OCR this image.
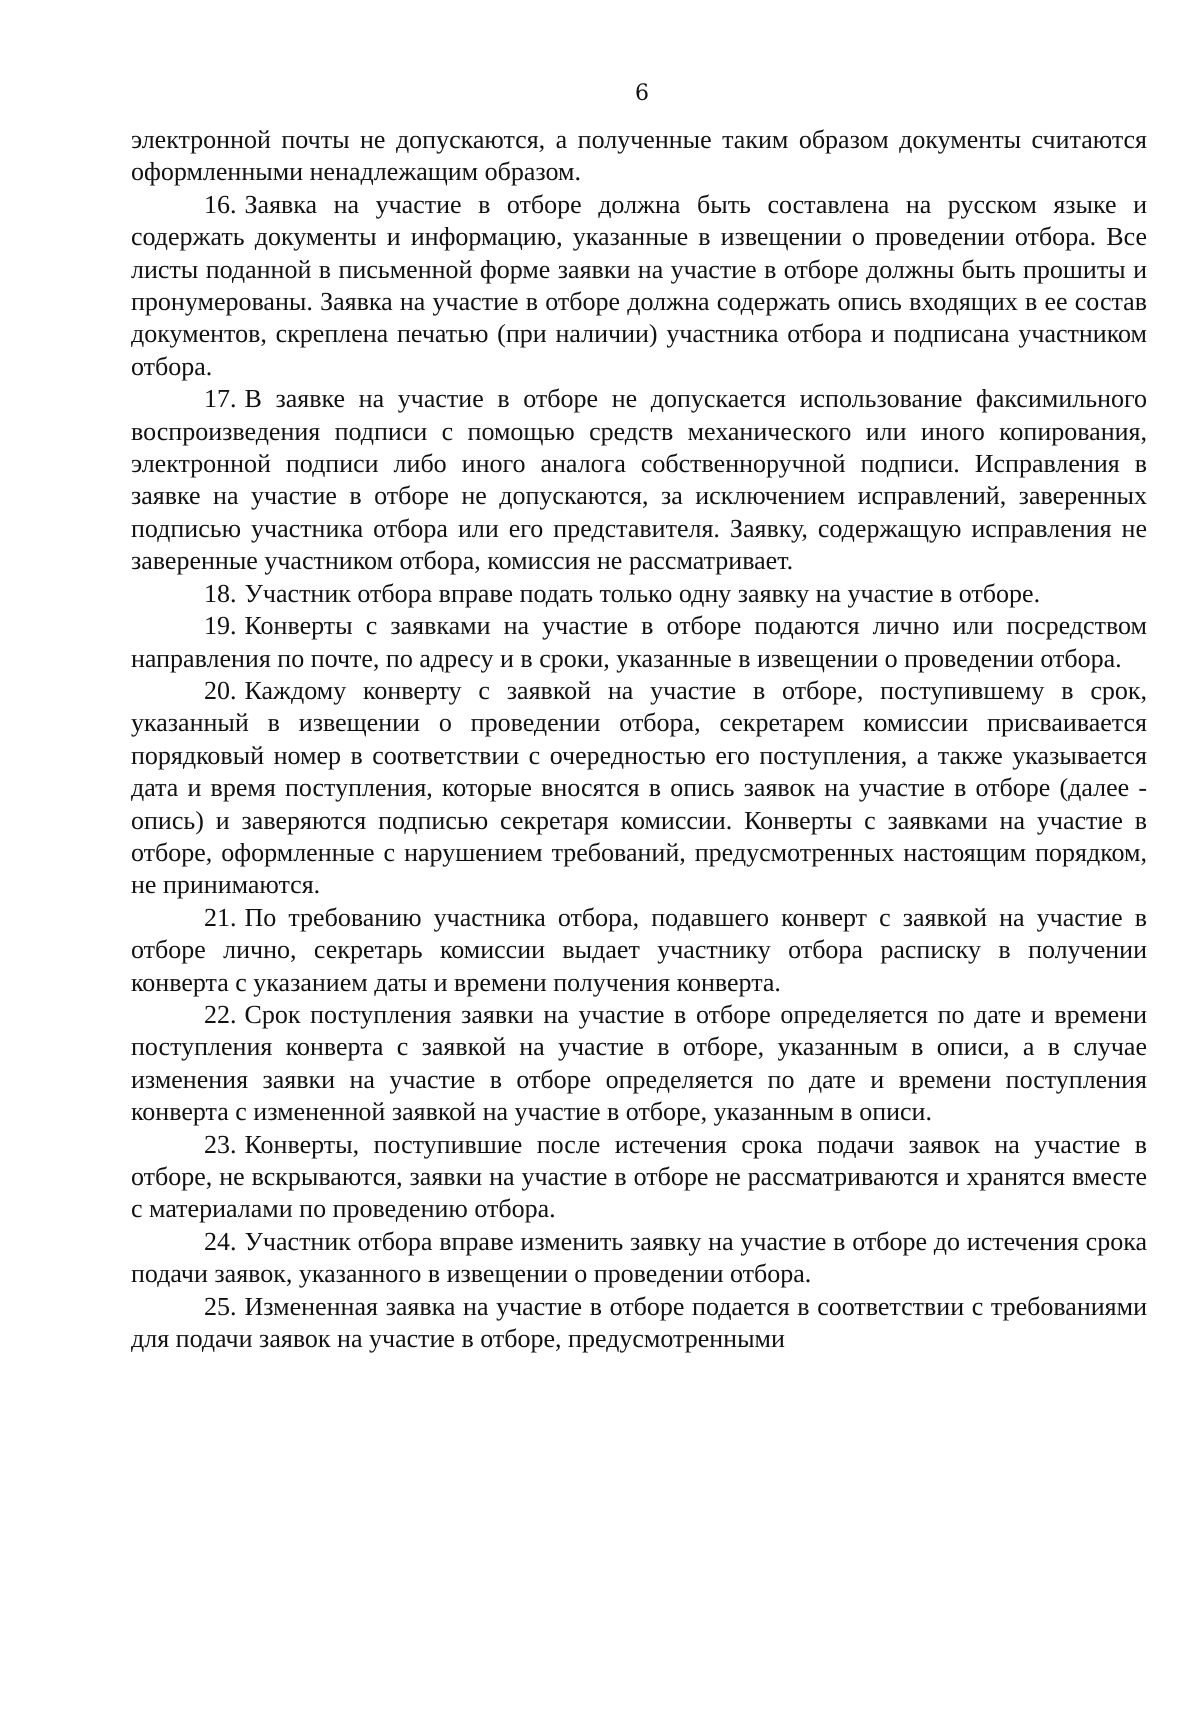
6

электронной почты не допускаются, а полученные таким образом документы считаются оформленными ненадлежащим образом.

16. Заявка на участие в отборе должна быть составлена на русском языке и содержать документы и информацию, указанные в извещении о проведении отбора. Все листы поданной в письменной форме заявки на участие в отборе должны быть прошиты и пронумерованы. Заявка на участие в отборе должна содержать опись входящих в ее состав документов, скреплена печатью (при наличии) участника отбора и подписана участником отбора.

17. В заявке на участие в отборе не допускается использование факсимильного воспроизведения подписи с помощью средств механического или иного копирования, электронной подписи либо иного аналога собственноручной подписи. Исправления в заявке на участие в отборе не допускаются, за исключением исправлений, заверенных подписью участника отбора или его представителя. Заявку, содержащую исправления не заверенные участником отбора, комиссия не рассматривает.

18. Участник отбора вправе подать только одну заявку на участие в отборе.

19. Конверты с заявками на участие в отборе подаются лично или посредством направления по почте, по адресу и в сроки, указанные в извещении о проведении отбора.

20. Каждому конверту с заявкой на участие в отборе, поступившему в срок, указанный в извещении о проведении отбора, секретарем комиссии присваивается порядковый номер в соответствии с очередностью его поступления, а также указывается дата и время поступления, которые вносятся в опись заявок на участие в отборе (далее - опись) и заверяются подписью секретаря комиссии. Конверты с заявками на участие в отборе, оформленные с нарушением требований, предусмотренных настоящим порядком, не принимаются.

21. По требованию участника отбора, подавшего конверт с заявкой на участие в отборе лично, секретарь комиссии выдает участнику отбора расписку в получении конверта с указанием даты и времени получения конверта.

22. Срок поступления заявки на участие в отборе определяется по дате и времени поступления конверта с заявкой на участие в отборе, указанным в описи, а в случае изменения заявки на участие в отборе определяется по дате и времени поступления конверта с измененной заявкой на участие в отборе, указанным в описи.

23. Конверты, поступившие после истечения срока подачи заявок на участие в отборе, не вскрываются, заявки на участие в отборе не рассматриваются и хранятся вместе с материалами по проведению отбора.

24. Участник отбора вправе изменить заявку на участие в отборе до истечения срока подачи заявок, указанного в извещении о проведении отбора.

25. Измененная заявка на участие в отборе подается в соответствии с требованиями для подачи заявок на участие в отборе, предусмотренными
